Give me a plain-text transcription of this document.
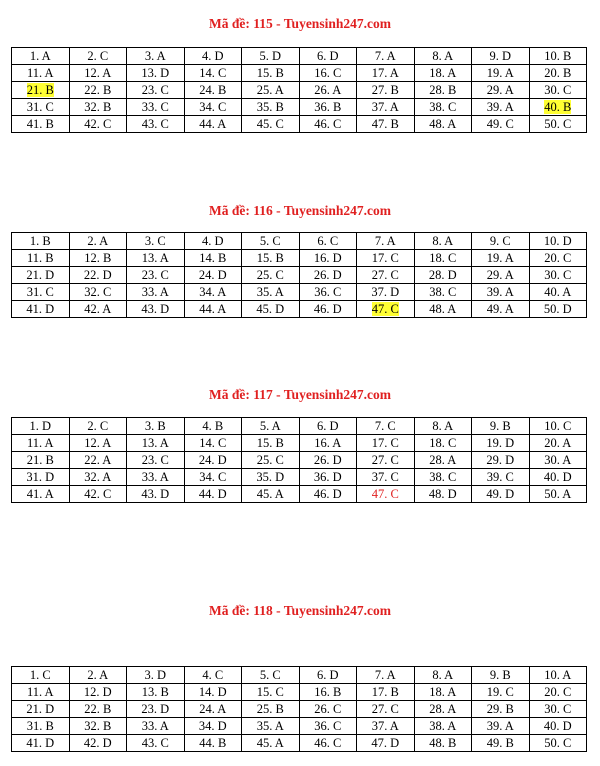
Mã đề: 115 - Tuyensinh247.com
1. A	2. C	3. A	4. D	5. D	6. D	7. A	8. A	9. D	10. B
11. A	12. A	13. D	14. C	15. B	16. C	17. A	18. A	19. A	20. B
21. B	22. B	23. C	24. B	25. A	26. A	27. B	28. B	29. A	30. C
31. C	32. B	33. C	34. C	35. B	36. B	37. A	38. C	39. A	40. B
41. B	42. C	43. C	44. A	45. C	46. C	47. B	48. A	49. C	50. C
Mã đề: 116 - Tuyensinh247.com
1. B	2. A	3. C	4. D	5. C	6. C	7. A	8. A	9. C	10. D
11. B	12. B	13. A	14. B	15. B	16. D	17. C	18. C	19. A	20. C
21. D	22. D	23. C	24. D	25. C	26. D	27. C	28. D	29. A	30. C
31. C	32. C	33. A	34. A	35. A	36. C	37. D	38. C	39. A	40. A
41. D	42. A	43. D	44. A	45. D	46. D	47. C	48. A	49. A	50. D
Mã đề: 117 - Tuyensinh247.com
1. D	2. C	3. B	4. B	5. A	6. D	7. C	8. A	9. B	10. C
11. A	12. A	13. A	14. C	15. B	16. A	17. C	18. C	19. D	20. A
21. B	22. A	23. C	24. D	25. C	26. D	27. C	28. A	29. D	30. A
31. D	32. A	33. A	34. C	35. D	36. D	37. C	38. C	39. C	40. D
41. A	42. C	43. D	44. D	45. A	46. D	47. C	48. D	49. D	50. A
Mã đề: 118 - Tuyensinh247.com
1. C	2. A	3. D	4. C	5. C	6. D	7. A	8. A	9. B	10. A
11. A	12. D	13. B	14. D	15. C	16. B	17. B	18. A	19. C	20. C
21. D	22. B	23. D	24. A	25. B	26. C	27. C	28. A	29. B	30. C
31. B	32. B	33. A	34. D	35. A	36. C	37. A	38. A	39. A	40. D
41. D	42. D	43. C	44. B	45. A	46. C	47. D	48. B	49. B	50. C
